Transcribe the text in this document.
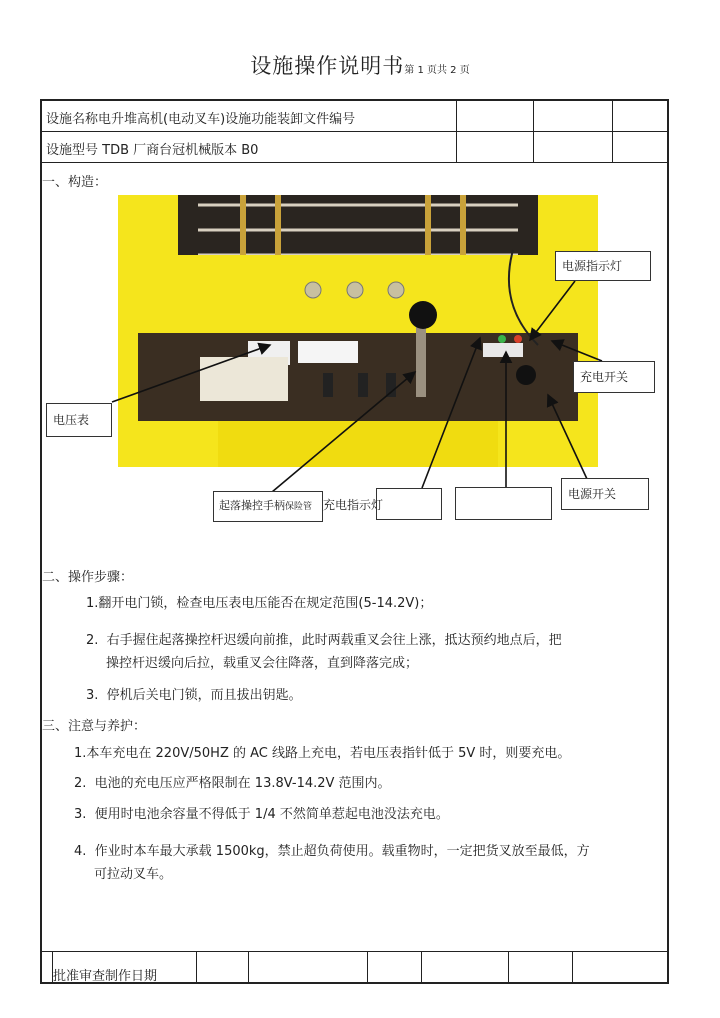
设施操作说明书第 1 页共 2 页
设施名称电升堆高机(电动叉车)设施功能装卸文件编号
设施型号 TDB 厂商台冠机械版本 B0
一、构造：
电源指示灯
充电开关
电压表
电源开关
起落操控手柄保险管 充电指示灯
二、操作步骤：
1.翻开电门锁，检查电压表电压能否在规定范围(5-14.2V)；
2. 右手握住起落操控杆迟缓向前推，此时两载重叉会往上涨，抵达预约地点后，把
操控杆迟缓向后拉，载重叉会往降落，直到降落完成；
3. 停机后关电门锁，而且拔出钥匙。
三、注意与养护：
1.本车充电在 220V/50HZ 的 AC 线路上充电，若电压表指针低于 5V 时，则要充电。
2. 电池的充电压应严格限制在 13.8V-14.2V 范围内。
3. 便用时电池余容量不得低于 1/4 不然简单惹起电池没法充电。
4. 作业时本车最大承载 1500kg，禁止超负荷使用。载重物时，一定把货叉放至最低，方
可拉动叉车。
批准审查制作日期
